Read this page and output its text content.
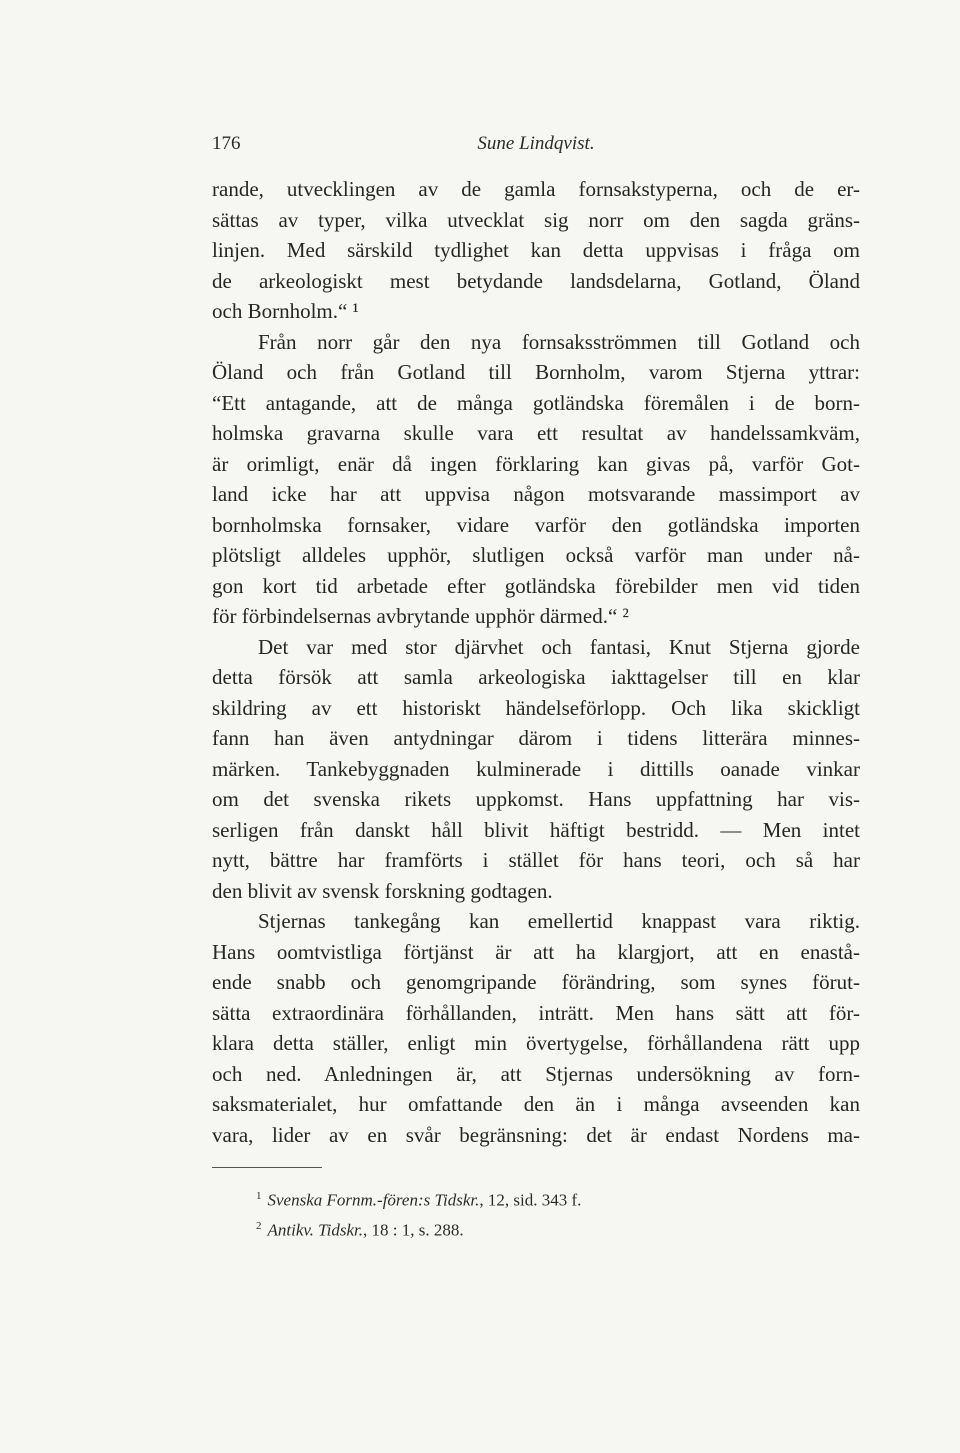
176	Sune Lindqvist.
rande, utvecklingen av de gamla fornsakstyperna, och de er-
sättas av typer, vilka utvecklat sig norr om den sagda gräns-
linjen. Med särskild tydlighet kan detta uppvisas i fråga om
de arkeologiskt mest betydande landsdelarna, Gotland, Öland
och Bornholm.“ ¹
Från norr går den nya fornsaksströmmen till Gotland och
Öland och från Gotland till Bornholm, varom Stjerna yttrar:
“Ett antagande, att de många gotländska föremålen i de born-
holmska gravarna skulle vara ett resultat av handelssamkväm,
är orimligt, enär då ingen förklaring kan givas på, varför Got-
land icke har att uppvisa någon motsvarande massimport av
bornholmska fornsaker, vidare varför den gotländska importen
plötsligt alldeles upphör, slutligen också varför man under nå-
gon kort tid arbetade efter gotländska förebilder men vid tiden
för förbindelsernas avbrytande upphör därmed.“ ²
Det var med stor djärvhet och fantasi, Knut Stjerna gjorde
detta försök att samla arkeologiska iakttagelser till en klar
skildring av ett historiskt händelseförlopp. Och lika skickligt
fann han även antydningar därom i tidens litterära minnes-
märken. Tankebyggnaden kulminerade i dittills oanade vinkar
om det svenska rikets uppkomst. Hans uppfattning har vis-
serligen från danskt håll blivit häftigt bestridd. — Men intet
nytt, bättre har framförts i stället för hans teori, och så har
den blivit av svensk forskning godtagen.
Stjernas tankegång kan emellertid knappast vara riktig.
Hans oomtvistliga förtjänst är att ha klargjort, att en enastå-
ende snabb och genomgripande förändring, som synes förut-
sätta extraordinära förhållanden, inträtt. Men hans sätt att för-
klara detta ställer, enligt min övertygelse, förhållandena rätt upp
och ned. Anledningen är, att Stjernas undersökning av forn-
saksmaterialet, hur omfattande den än i många avseenden kan
vara, lider av en svår begränsning: det är endast Nordens ma-
$^1$ Svenska Fornm.-fören:s Tidskr., 12, sid. 343 f.
$^2$ Antikv. Tidskr., 18 : 1, s. 288.
